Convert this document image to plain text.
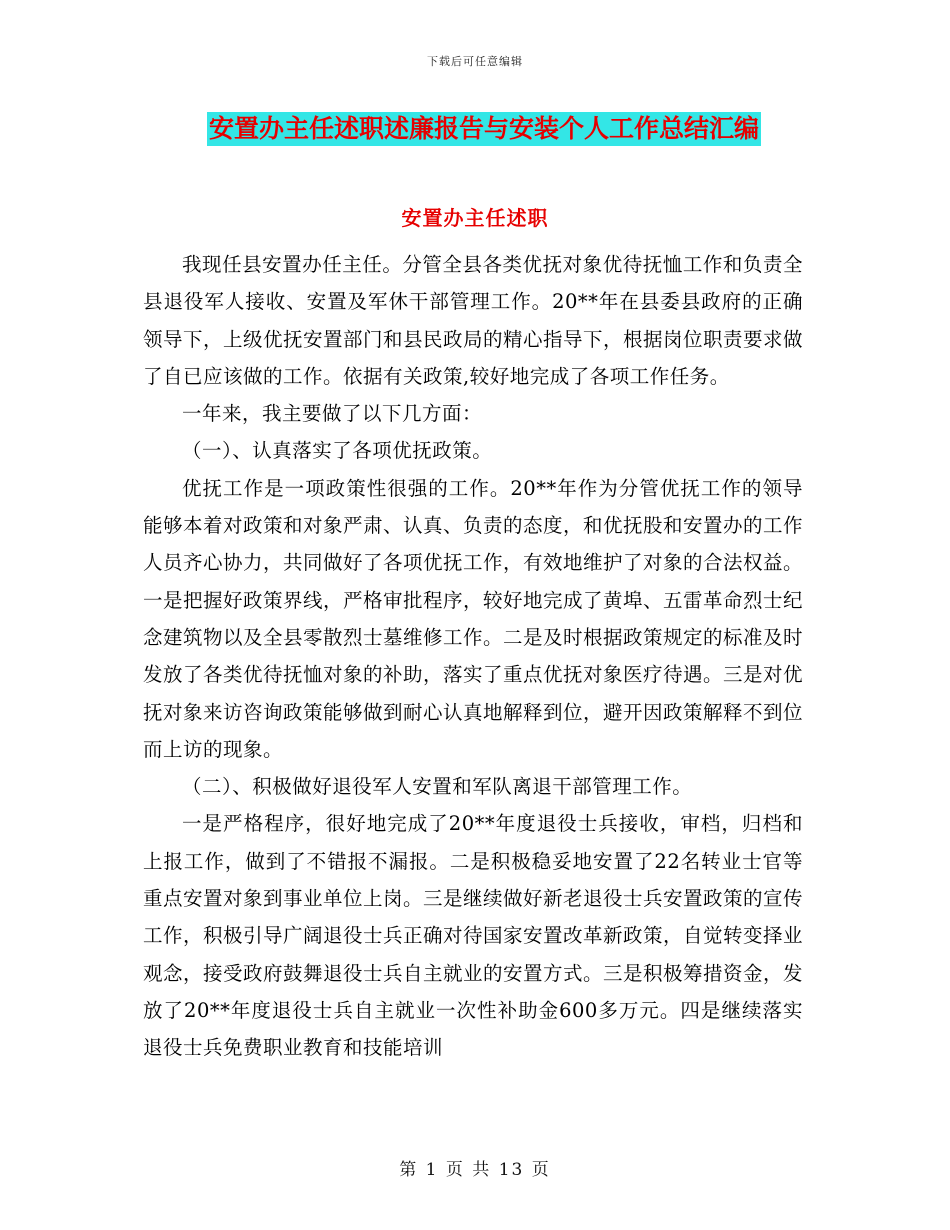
下载后可任意编辑
安置办主任述职述廉报告与安装个人工作总结汇编
安置办主任述职

我现任县安置办任主任。分管全县各类优抚对象优待抚恤工作和负责全县退役军人接收、安置及军休干部管理工作。20**年在县委县政府的正确领导下，上级优抚安置部门和县民政局的精心指导下，根据岗位职责要求做了自已应该做的工作。依据有关政策,较好地完成了各项工作任务。

一年来，我主要做了以下几方面：

（一）、认真落实了各项优抚政策。

优抚工作是一项政策性很强的工作。20**年作为分管优抚工作的领导能够本着对政策和对象严肃、认真、负责的态度，和优抚股和安置办的工作人员齐心协力，共同做好了各项优抚工作，有效地维护了对象的合法权益。一是把握好政策界线，严格审批程序，较好地完成了黄埠、五雷革命烈士纪念建筑物以及全县零散烈士墓维修工作。二是及时根据政策规定的标准及时发放了各类优待抚恤对象的补助，落实了重点优抚对象医疗待遇。三是对优抚对象来访咨询政策能够做到耐心认真地解释到位，避开因政策解释不到位而上访的现象。

（二）、积极做好退役军人安置和军队离退干部管理工作。

一是严格程序，很好地完成了20**年度退役士兵接收，审档，归档和上报工作，做到了不错报不漏报。二是积极稳妥地安置了22名转业士官等重点安置对象到事业单位上岗。三是继续做好新老退役士兵安置政策的宣传工作，积极引导广阔退役士兵正确对待国家安置改革新政策，自觉转变择业观念，接受政府鼓舞退役士兵自主就业的安置方式。三是积极筹措资金，发放了20**年度退役士兵自主就业一次性补助金600多万元。四是继续落实退役士兵免费职业教育和技能培训

第 1 页 共 13 页
